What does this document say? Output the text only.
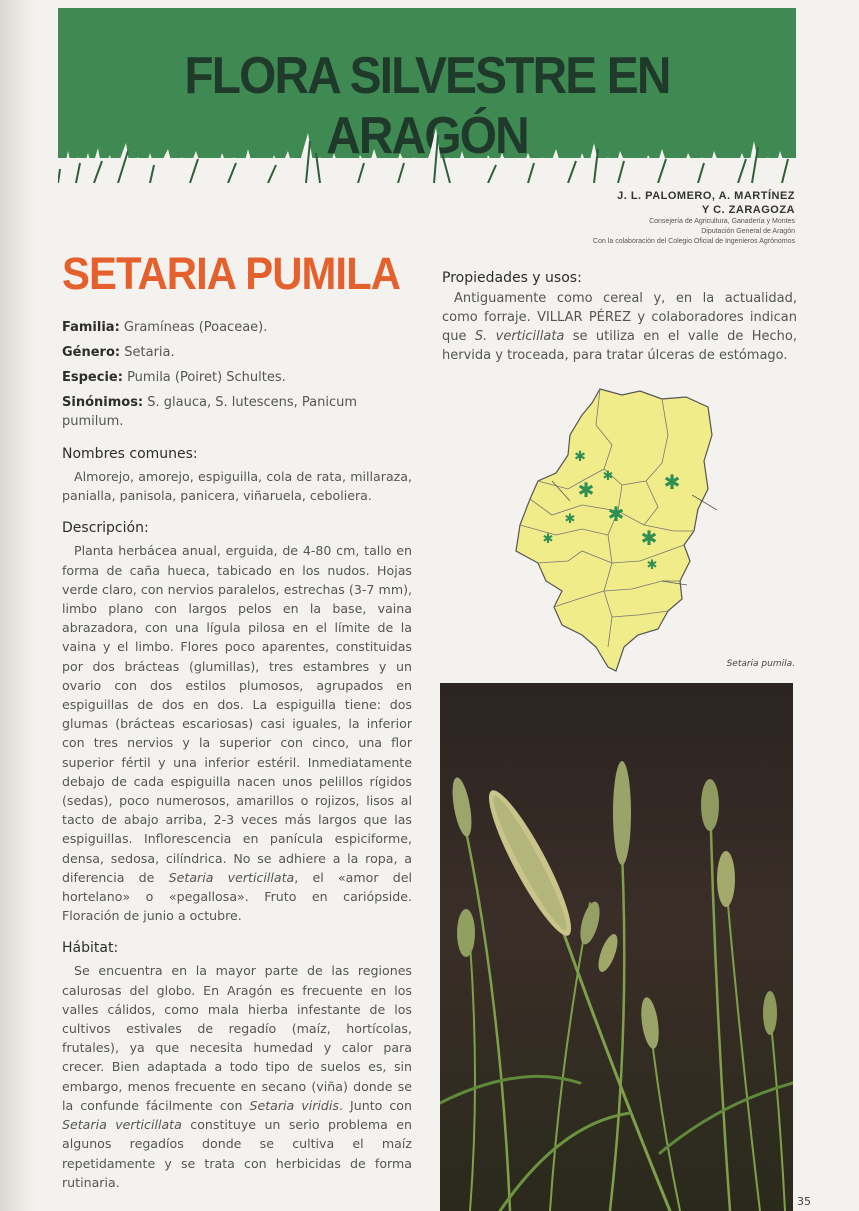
FLORA SILVESTRE EN ARAGÓN
J. L. PALOMERO, A. MARTÍNEZ
Y C. ZARAGOZA
Consejería de Agricultura, Ganadería y Montes
Diputación General de Aragón
Con la colaboración del Colegio Oficial de Ingenieros Agrónomos
SETARIA PUMILA
Familia: Gramíneas (Poaceae).
Género: Setaria.
Especie: Pumila (Poiret) Schultes.
Sinónimos: S. glauca, S. lutescens, Panicum pumilum.
Nombres comunes:

Almorejo, amorejo, espiguilla, cola de rata, millaraza, panialla, panisola, panicera, viñaruela, ceboliera.

Descripción:

Planta herbácea anual, erguida, de 4-80 cm, tallo en forma de caña hueca, tabicado en los nudos. Hojas verde claro, con nervios paralelos, estrechas (3-7 mm), limbo plano con largos pelos en la base, vaina abrazadora, con una lígula pilosa en el límite de la vaina y el limbo. Flores poco aparentes, constituidas por dos brácteas (glumillas), tres estambres y un ovario con dos estilos plumosos, agrupados en espiguillas de dos en dos. La espiguilla tiene: dos glumas (brácteas escariosas) casi iguales, la inferior con tres nervios y la superior con cinco, una flor superior fértil y una inferior estéril. Inmediatamente debajo de cada espiguilla nacen unos pelillos rígidos (sedas), poco numerosos, amarillos o rojizos, lisos al tacto de abajo arriba, 2-3 veces más largos que las espiguillas. Inflorescencia en panícula espiciforme, densa, sedosa, cilíndrica. No se adhiere a la ropa, a diferencia de Setaria verticillata, el «amor del hortelano» o «pegallosa». Fruto en cariópside. Floración de junio a octubre.

Hábitat:

Se encuentra en la mayor parte de las regiones calurosas del globo. En Aragón es frecuente en los valles cálidos, como mala hierba infestante de los cultivos estivales de regadío (maíz, hortícolas, frutales), ya que necesita humedad y calor para crecer. Bien adaptada a todo tipo de suelos es, sin embargo, menos frecuente en secano (viña) donde se la confunde fácilmente con Setaria viridis. Junto con Setaria verticillata constituye un serio problema en algunos regadíos donde se cultiva el maíz repetidamente y se trata con herbicidas de forma rutinaria.

Propiedades y usos:

Antiguamente como cereal y, en la actualidad, como forraje. VILLAR PÉREZ y colaboradores indican que S. verticillata se utiliza en el valle de Hecho, hervida y troceada, para tratar úlceras de estómago.

✱
✱
✱	✱
✱ ✱
✱	✱
✱
Setaria pumila.
35
